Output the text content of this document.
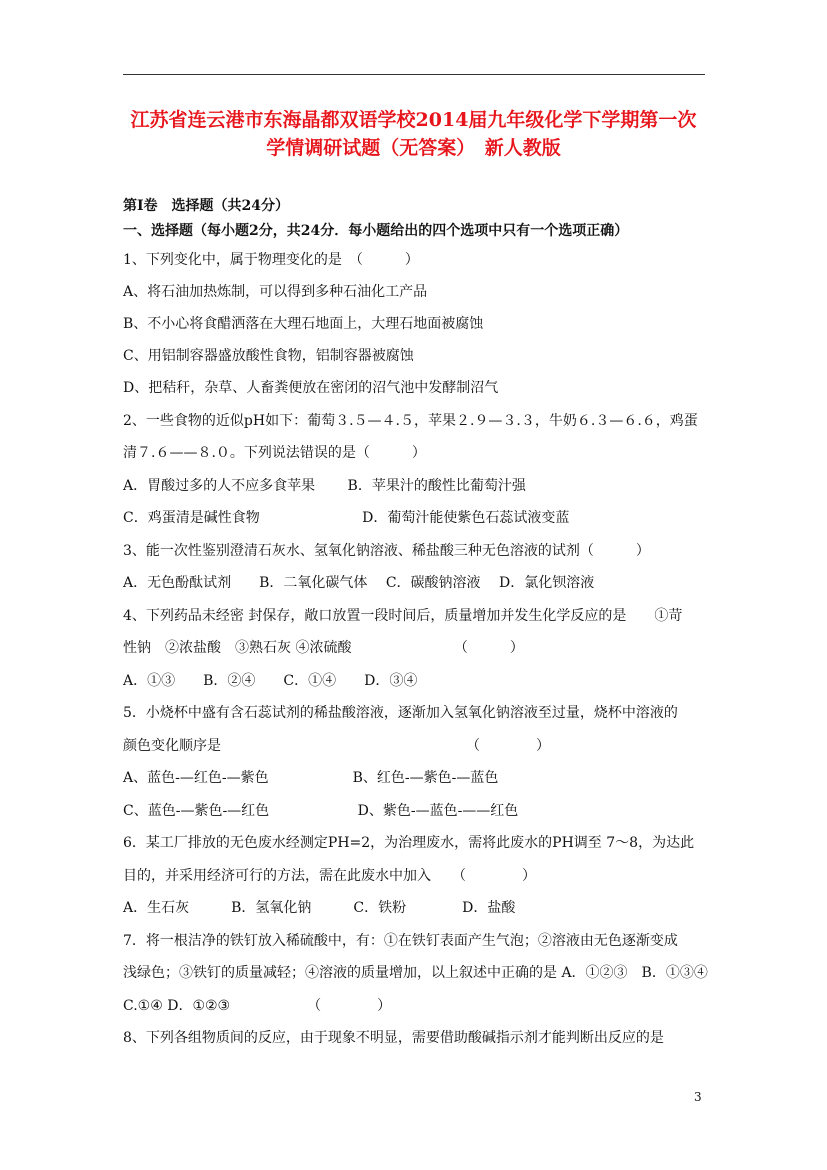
江苏省连云港市东海晶都双语学校2014届九年级化学下学期第一次
学情调研试题（无答案）　新人教版
第Ⅰ卷　选择题（共24分）
一、选择题（每小题2分，共24分．每小题给出的四个选项中只有一个选项正确）
1、下列变化中，属于物理变化的是　（　　　）
A、将石油加热炼制，可以得到多种石油化工产品
B、不小心将食醋洒落在大理石地面上，大理石地面被腐蚀
C、用铝制容器盛放酸性食物，铝制容器被腐蚀
D、把秸秆，杂草、人畜粪便放在密闭的沼气池中发酵制沼气
2、一些食物的近似pH如下：葡萄３.５—４.５，苹果２.９—３.３，牛奶６.３—６.６，鸡蛋
清７.６——８.０。下列说法错误的是（　　　）
A．胃酸过多的人不应多食苹果　　 B．苹果汁的酸性比葡萄汁强
C．鸡蛋清是碱性食物　　　　　　　 D．葡萄汁能使紫色石蕊试液变蓝
3、能一次性鉴别澄清石灰水、氢氧化钠溶液、稀盐酸三种无色溶液的试剂（　　　）
A．无色酚酞试剂　　B．二氧化碳气体　 C．碳酸钠溶液　 D．氯化钡溶液
4、下列药品未经密 封保存，敞口放置一段时间后，质量增加并发生化学反应的是　　①苛
性钠　②浓盐酸　③熟石灰 ④浓硫酸　　　　　　　 （　　　）
A．①③　　B．②④　　C．①④　　D．③④
5．小烧杯中盛有含石蕊试剂的稀盐酸溶液，逐渐加入氢氧化钠溶液至过量，烧杯中溶液的
颜色变化顺序是　　　　　　　　　　　　　　　　　　（　　　　）
A、蓝色-—红色-—紫色　　　　　　B、红色-—紫色-—蓝色
C、蓝色-—紫色-—红色　　　　　　 D、紫色-—蓝色-——红色
6．某工厂排放的无色废水经测定PH=2，为治理废水，需将此废水的PH调至 7～8，为达此
目的，并采用经济可行的方法，需在此废水中加入　　（　　　　）
A．生石灰　　　B．氢氧化钠　　　C．铁粉　　　　D．盐酸
7．将一根洁净的铁钉放入稀硫酸中，有：①在铁钉表面产生气泡；②溶液由无色逐渐变成
浅绿色；③铁钉的质量减轻；④溶液的质量增加，以上叙述中正确的是 A．①②③　B．①③④
C.①④ D．①②③　　　　　　（　　　　）
8、下列各组物质间的反应，由于现象不明显，需要借助酸碱指示剂才能判断出反应的是
3
